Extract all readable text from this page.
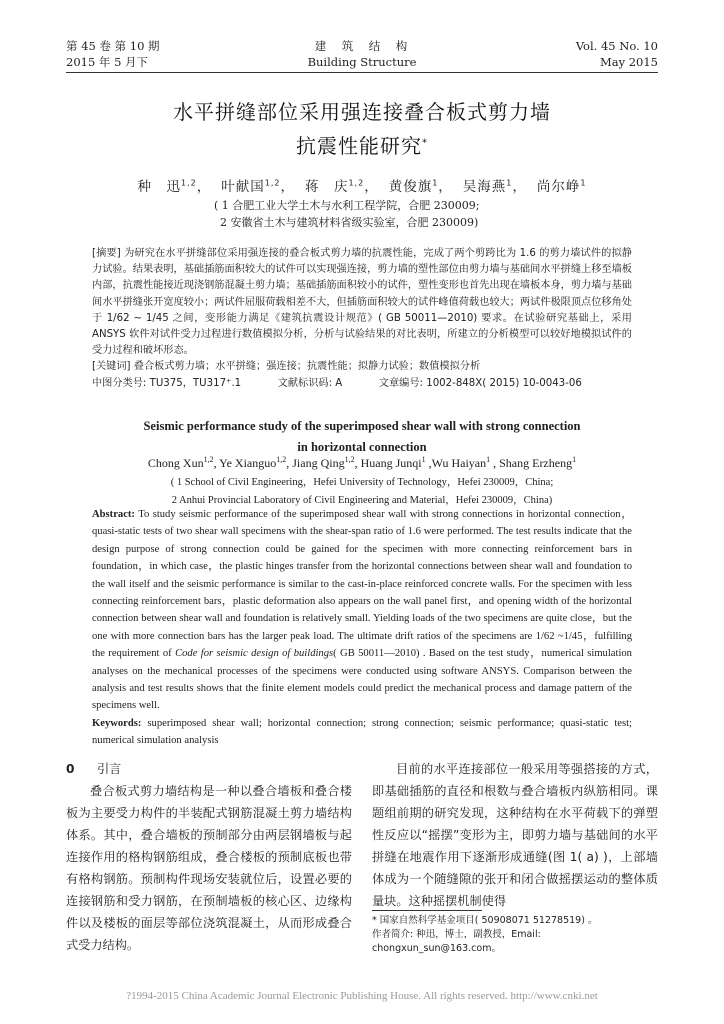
第 45 卷 第 10 期
2015 年 5 月下
建　筑　结　构
Building Structure
Vol. 45 No. 10
May 2015
水平拼缝部位采用强连接叠合板式剪力墙
抗震性能研究*
种　迅$^{1,2}$， 叶献国$^{1,2}$， 蒋　庆$^{1,2}$， 黄俊旗$^1$， 吴海燕$^1$， 尚尔峥$^1$
( 1 合肥工业大学土木与水利工程学院，合肥 230009;
2 安徽省土木与建筑材料省级实验室，合肥 230009)
[摘要] 为研究在水平拼缝部位采用强连接的叠合板式剪力墙的抗震性能，完成了两个剪跨比为 1.6 的剪力墙试件的拟静力试验。结果表明，基础插筋面积较大的试件可以实现强连接，剪力墙的塑性部位由剪力墙与基础间水平拼缝上移至墙板内部，抗震性能接近现浇钢筋混凝土剪力墙；基础插筋面积较小的试件，塑性变形也首先出现在墙板本身，剪力墙与基础间水平拼缝张开宽度较小；两试件屈服荷载相差不大，但插筋面积较大的试件峰值荷载也较大；两试件极限顶点位移角处于 1/62 ~ 1/45 之间，变形能力满足《建筑抗震设计规范》( GB 50011—2010) 要求。在试验研究基础上，采用 ANSYS 软件对试件受力过程进行数值模拟分析，分析与试验结果的对比表明，所建立的分析模型可以较好地模拟试件的受力过程和破坏形态。
[关键词] 叠合板式剪力墙；水平拼缝；强连接；抗震性能；拟静力试验；数值模拟分析
中图分类号: TU375，TU317⁺.1	文献标识码: A	文章编号: 1002-848X( 2015) 10-0043-06
Seismic performance study of the superimposed shear wall with strong connection
in horizontal connection
Chong Xun$^{1,2}$, Ye Xianguo$^{1,2}$, Jiang Qing$^{1,2}$, Huang Junqi$^1$ ,Wu Haiyan$^1$ , Shang Erzheng$^1$
( 1 School of Civil Engineering，Hefei University of Technology，Hefei 230009，China;
2 Anhui Provincial Laboratory of Civil Engineering and Material，Hefei 230009，China)
Abstract: To study seismic performance of the superimposed shear wall with strong connections in horizontal connection，quasi-static tests of two shear wall specimens with the shear-span ratio of 1.6 were performed. The test results indicate that the design purpose of strong connection could be gained for the specimen with more connecting reinforcement bars in foundation，in which case，the plastic hinges transfer from the horizontal connections between shear wall and foundation to the wall itself and the seismic performance is similar to the cast-in-place reinforced concrete walls. For the specimen with less connecting reinforcement bars，plastic deformation also appears on the wall panel first，and opening width of the horizontal connection between shear wall and foundation is relatively small. Yielding loads of the two specimens are quite close，but the one with more connection bars has the larger peak load. The ultimate drift ratios of the specimens are 1/62 ~1/45，fulfilling the requirement of Code for seismic design of buildings( GB 50011—2010) . Based on the test study，numerical simulation analyses on the mechanical processes of the specimens were conducted using software ANSYS. Comparison between the analysis and test results shows that the finite element models could predict the mechanical process and damage pattern of the specimens well.
Keywords: superimposed shear wall; horizontal connection; strong connection; seismic performance; quasi-static test; numerical simulation analysis
0 引言
叠合板式剪力墙结构是一种以叠合墙板和叠合楼板为主要受力构件的半装配式钢筋混凝土剪力墙结构体系。其中，叠合墙板的预制部分由两层钢墙板与起连接作用的格构钢筋组成，叠合楼板的预制底板也带有格构钢筋。预制构件现场安装就位后，设置必要的连接钢筋和受力钢筋，在预制墙板的核心区、边缘构件以及楼板的面层等部位浇筑混凝土，从而形成叠合式受力结构。
目前的水平连接部位一般采用等强搭接的方式，即基础插筋的直径和根数与叠合墙板内纵筋相同。课题组前期的研究发现，这种结构在水平荷载下的弹塑性反应以“摇摆”变形为主，即剪力墙与基础间的水平拼缝在地震作用下逐渐形成通缝(图 1( a) )，上部墙体成为一个随缝隙的张开和闭合做摇摆运动的整体质量块。这种摇摆机制使得
* 国家自然科学基金项目( 50908071 51278519) 。
作者简介: 种迅，博士，副教授，Email: chongxun_sun@163.com。
?1994-2015 China Academic Journal Electronic Publishing House. All rights reserved. http://www.cnki.net
